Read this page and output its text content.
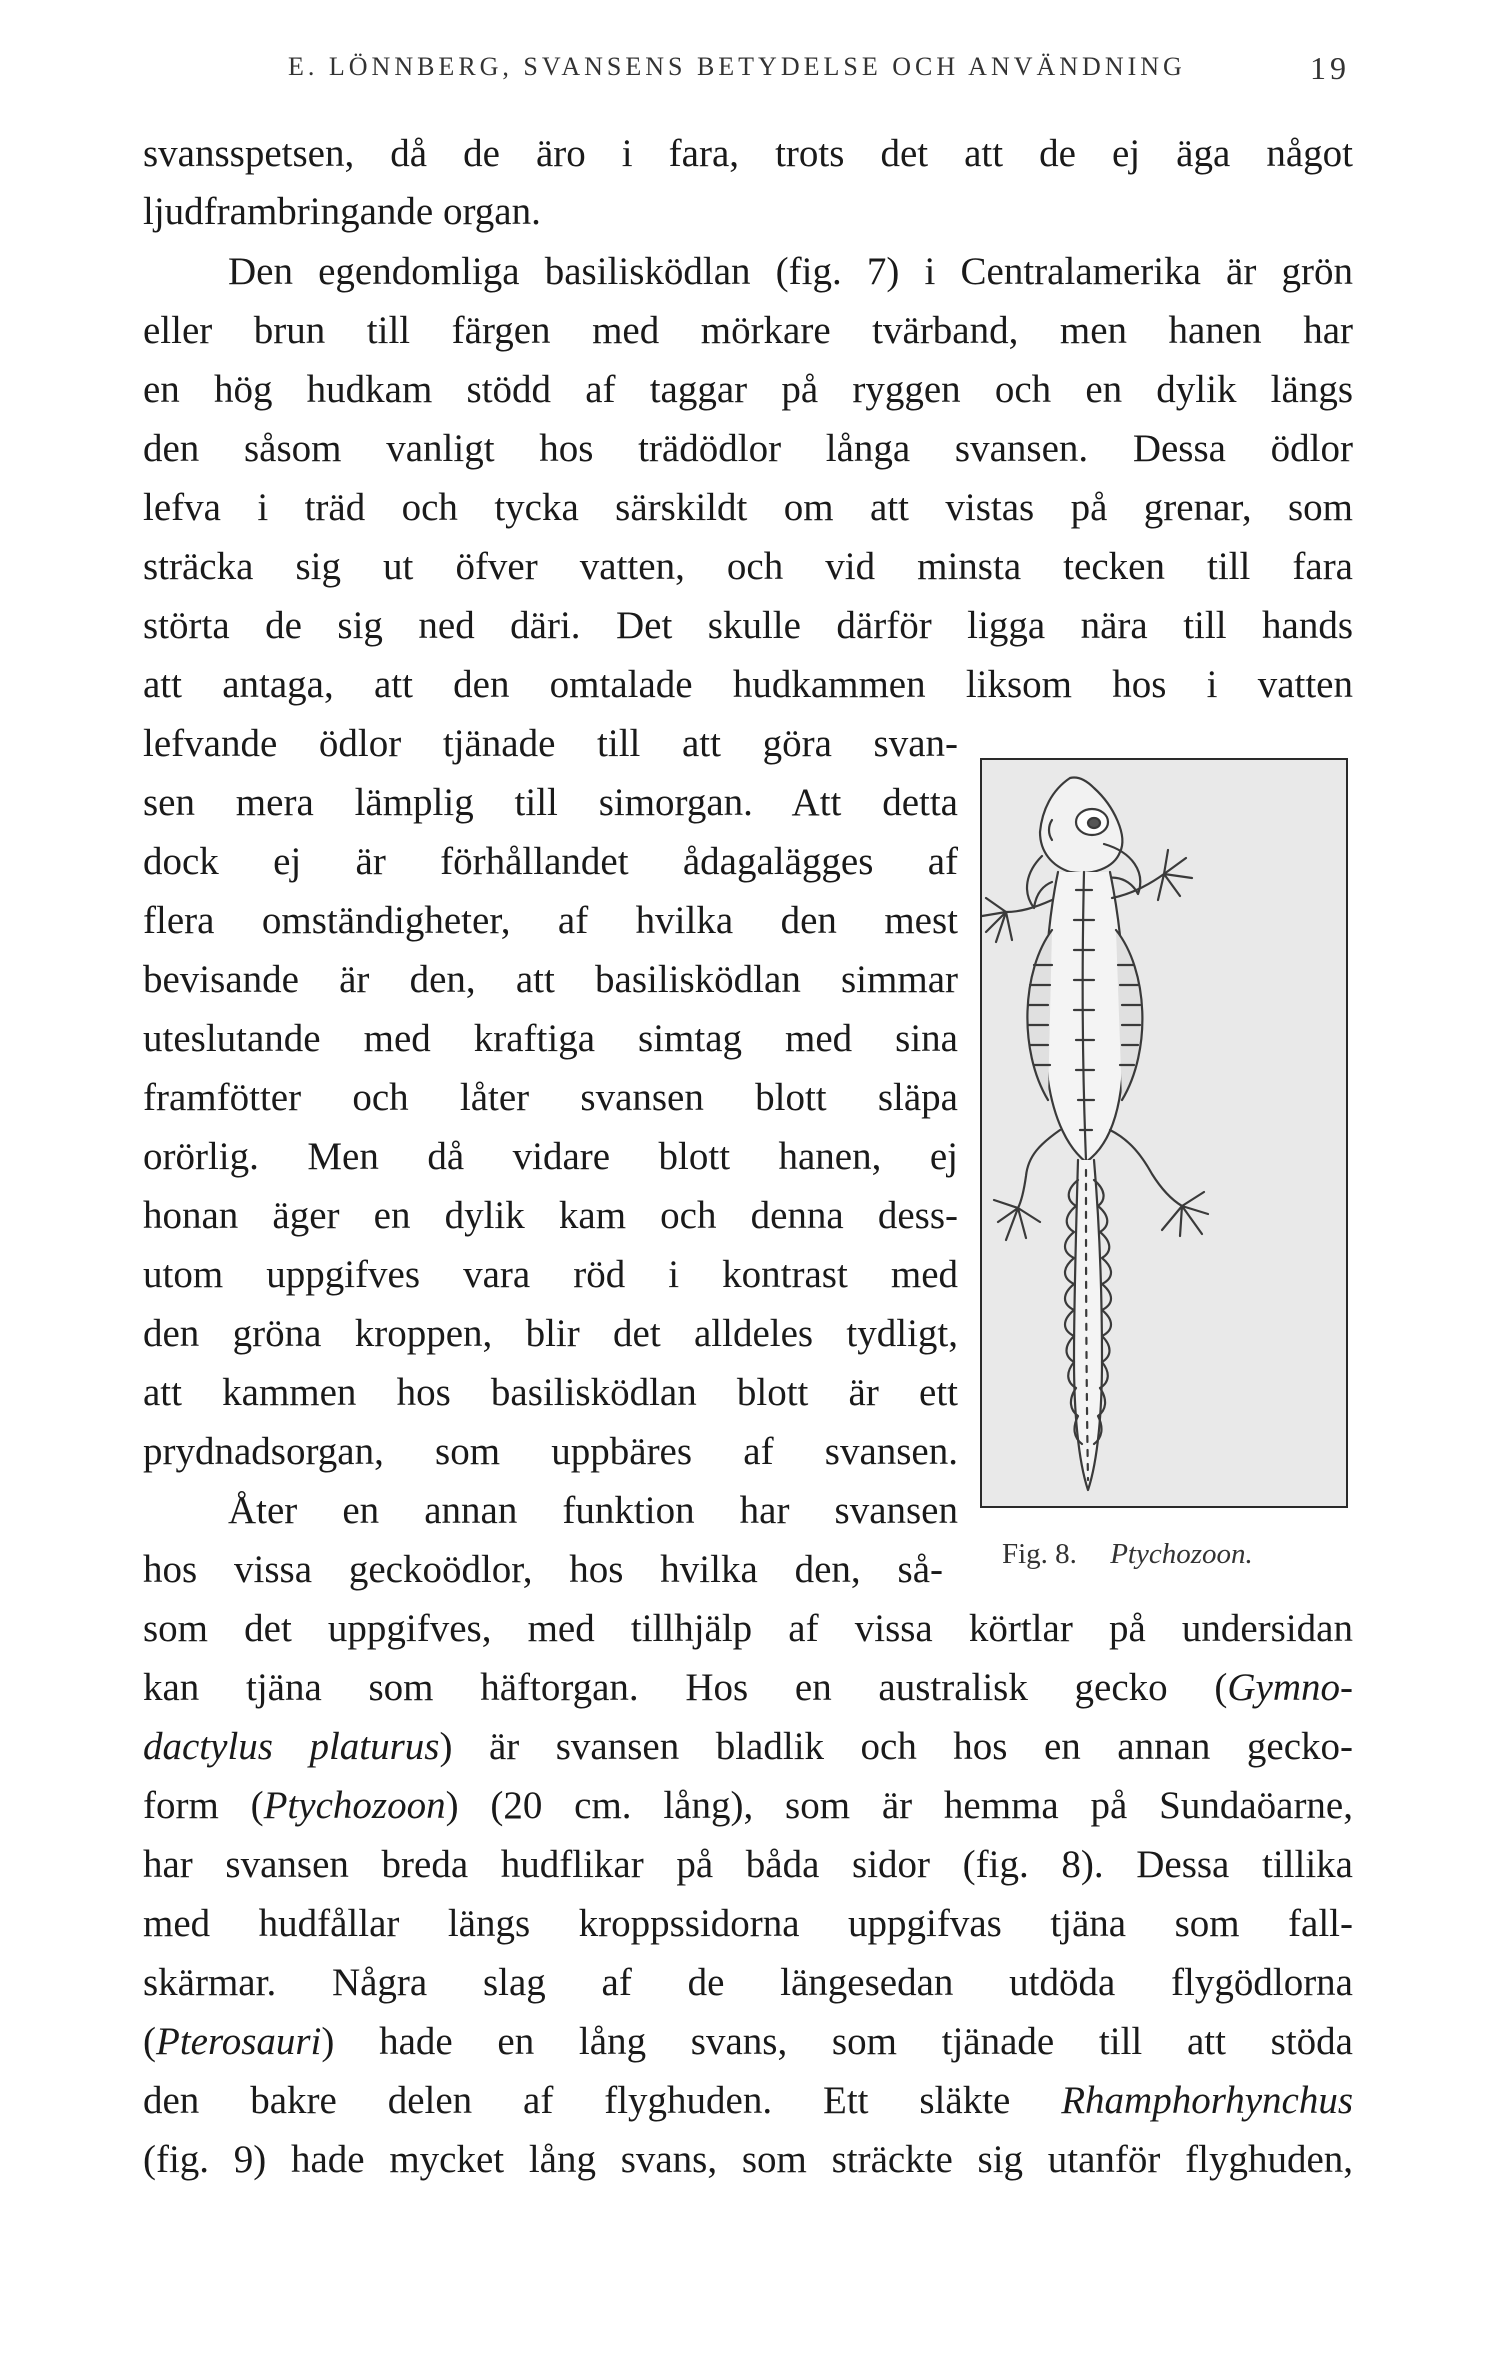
E. LÖNNBERG, SVANSENS BETYDELSE OCH ANVÄNDNING	19
svansspetsen, då de äro i fara, trots det att de ej äga något
ljudframbringande organ.
Den egendomliga basilisködlan (fig. 7) i Centralamerika är grön
eller brun till färgen med mörkare tvärband, men hanen har
en hög hudkam stödd af taggar på ryggen och en dylik längs
den såsom vanligt hos trädödlor långa svansen. Dessa ödlor
lefva i träd och tycka särskildt om att vistas på grenar, som
sträcka sig ut öfver vatten, och vid minsta tecken till fara
störta de sig ned däri. Det skulle därför ligga nära till hands
att antaga, att den omtalade hudkammen liksom hos i vatten
lefvande ödlor tjänade till att göra svan-
sen mera lämplig till simorgan. Att detta
dock ej är förhållandet ådagalägges af
flera omständigheter, af hvilka den mest
bevisande är den, att basilisködlan simmar
uteslutande med kraftiga simtag med sina
framfötter och låter svansen blott släpa
orörlig. Men då vidare blott hanen, ej
honan äger en dylik kam och denna dess-
utom uppgifves vara röd i kontrast med
den gröna kroppen, blir det alldeles tydligt,
att kammen hos basilisködlan blott är ett
prydnadsorgan, som uppbäres af svansen.
Åter en annan funktion har svansen
hos vissa geckoödlor, hos hvilka den, så-
som det uppgifves, med tillhjälp af vissa körtlar på undersidan
kan tjäna som häftorgan. Hos en australisk gecko (Gymno-
dactylus platurus) är svansen bladlik och hos en annan gecko-
form (Ptychozoon) (20 cm. lång), som är hemma på Sundaöarne,
har svansen breda hudflikar på båda sidor (fig. 8). Dessa tillika
med hudfållar längs kroppssidorna uppgifvas tjäna som fall-
skärmar. Några slag af de längesedan utdöda flygödlorna
(Pterosauri) hade en lång svans, som tjänade till att stöda
den bakre delen af flyghuden. Ett släkte Rhamphorhynchus
(fig. 9) hade mycket lång svans, som sträckte sig utanför flyghuden,
Fig. 8. Ptychozoon.
